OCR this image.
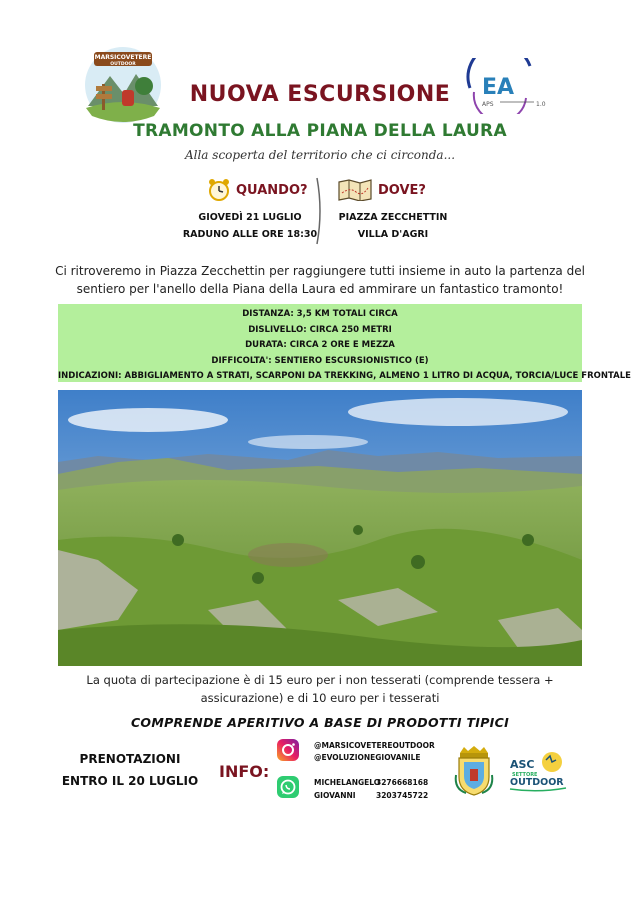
MARSICOVETERE
OUTDOOR
EA
APS	1.0
NUOVA ESCURSIONE
TRAMONTO ALLA PIANA DELLA LAURA
Alla scoperta del territorio che ci circonda...
QUANDO?
GIOVEDÌ 21 LUGLIO
RADUNO ALLE ORE 18:30
DOVE?
PIAZZA ZECCHETTIN
VILLA D'AGRI
Ci ritroveremo in Piazza Zecchettin per raggiungere tutti insieme in auto la partenza del sentiero per l'anello della Piana della Laura ed ammirare un fantastico tramonto!
DISTANZA: 3,5 KM TOTALI CIRCA
DISLIVELLO: CIRCA 250 METRI
DURATA: CIRCA 2 ORE E MEZZA
DIFFICOLTA': SENTIERO ESCURSIONISTICO (E)
INDICAZIONI: ABBIGLIAMENTO A STRATI, SCARPONI DA TREKKING, ALMENO 1 LITRO DI ACQUA, TORCIA/LUCE FRONTALE
La quota di partecipazione è di 15 euro per i non tesserati (comprende tessera + assicurazione) e di 10 euro per i tesserati
COMPRENDE APERITIVO A BASE DI PRODOTTI TIPICI
PRENOTAZIONI
ENTRO IL 20 LUGLIO	INFO:
@MARSICOVETEREOUTDOOR
@EVOLUZIONEGIOVANILE
MICHELANGELO
3276668168
GIOVANNI	3203745722
ASC
SETTORE
OUTDOOR
